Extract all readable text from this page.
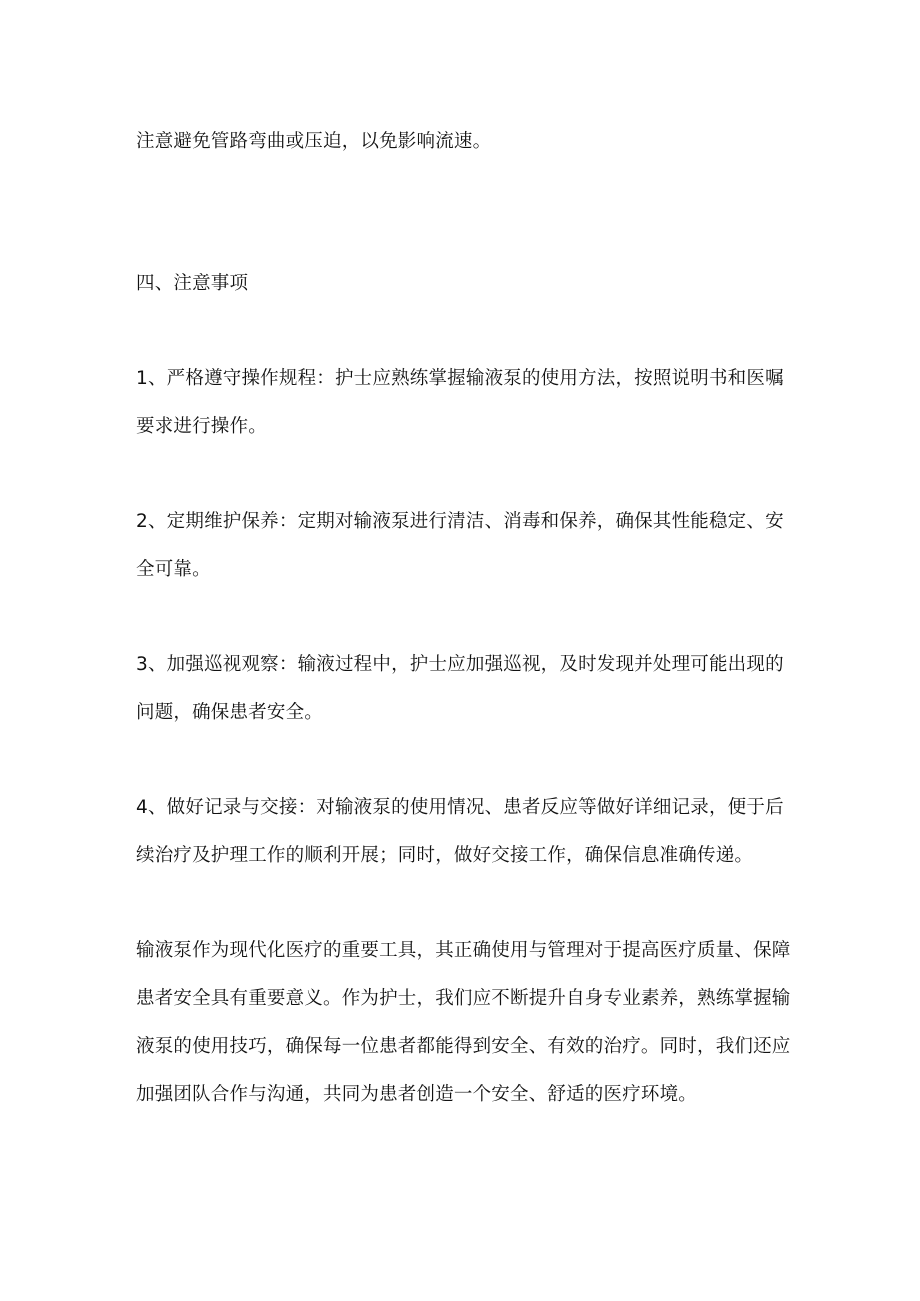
注意避免管路弯曲或压迫，以免影响流速。

四、注意事项

1、严格遵守操作规程：护士应熟练掌握输液泵的使用方法，按照说明书和医嘱

要求进行操作。

2、定期维护保养：定期对输液泵进行清洁、消毒和保养，确保其性能稳定、安

全可靠。

3、加强巡视观察：输液过程中，护士应加强巡视，及时发现并处理可能出现的

问题，确保患者安全。

4、做好记录与交接：对输液泵的使用情况、患者反应等做好详细记录，便于后

续治疗及护理工作的顺利开展；同时，做好交接工作，确保信息准确传递。

输液泵作为现代化医疗的重要工具，其正确使用与管理对于提高医疗质量、保障

患者安全具有重要意义。作为护士，我们应不断提升自身专业素养，熟练掌握输

液泵的使用技巧，确保每一位患者都能得到安全、有效的治疗。同时，我们还应

加强团队合作与沟通，共同为患者创造一个安全、舒适的医疗环境。
